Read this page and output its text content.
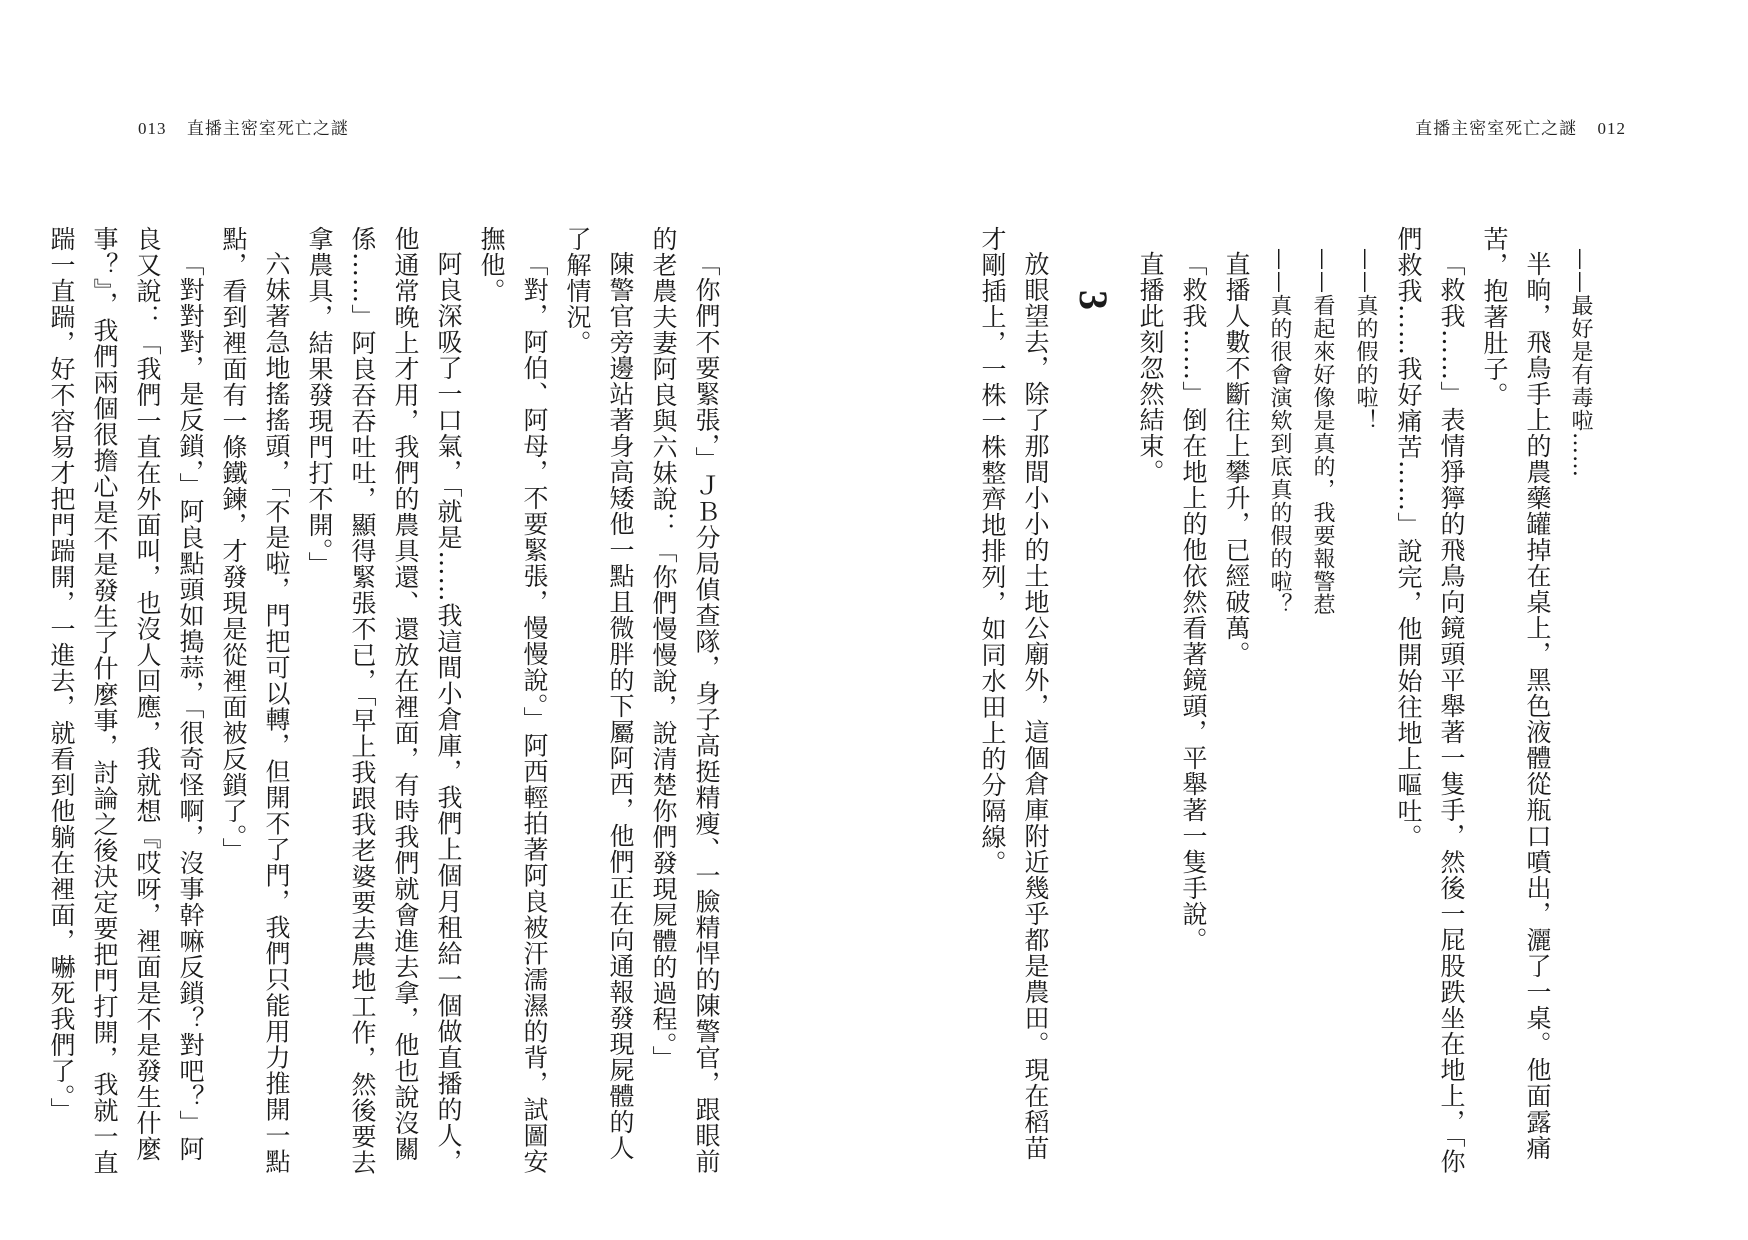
013 直播主密室死亡之謎	直播主密室死亡之謎 012

——最好是有毒啦……

半晌，飛鳥手上的農藥罐掉在桌上，黑色液體從瓶口噴出，灑了一桌。他面露痛苦，抱著肚子。

「救我……」表情猙獰的飛鳥向鏡頭平舉著一隻手，然後一屁股跌坐在地上，「你們救我……我好痛苦……」說完，他開始往地上嘔吐。

——真的假的啦！

——看起來好像是真的，我要報警惹

——真的很會演欸到底真的假的啦？

直播人數不斷往上攀升，已經破萬。

「救我……」倒在地上的他依然看著鏡頭，平舉著一隻手說。

直播此刻忽然結束。

3

放眼望去，除了那間小小的土地公廟外，這個倉庫附近幾乎都是農田。現在稻苗才剛插上，一株一株整齊地排列，如同水田上的分隔線。

「你們不要緊張，」ＪＢ分局偵查隊，身子高挺精瘦、一臉精悍的陳警官，跟眼前的老農夫妻阿良與六妹說：「你們慢慢說，說清楚你們發現屍體的過程。」

陳警官旁邊站著身高矮他一點且微胖的下屬阿西，他們正在向通報發現屍體的人了解情況。

「對，阿伯、阿母，不要緊張，慢慢說。」阿西輕拍著阿良被汗濡濕的背，試圖安撫他。

阿良深吸了一口氣，「就是……我這間小倉庫，我們上個月租給一個做直播的人，他通常晚上才用，我們的農具還、還放在裡面，有時我們就會進去拿，他也說沒關係……」阿良吞吞吐吐，顯得緊張不已，「早上我跟我老婆要去農地工作，然後要去拿農具，結果發現門打不開。」

六妹著急地搖搖頭，「不是啦，門把可以轉，但開不了門，我們只能用力推開一點點，看到裡面有一條鐵鍊，才發現是從裡面被反鎖了。」

「對對對，是反鎖，」阿良點頭如搗蒜，「很奇怪啊，沒事幹嘛反鎖？對吧？」阿良又說：「我們一直在外面叫，也沒人回應，我就想『哎呀，裡面是不是發生什麼事？』，我們兩個很擔心是不是發生了什麼事，討論之後決定要把門打開，我就一直踹一直踹，好不容易才把門踹開，一進去，就看到他躺在裡面，嚇死我們了。」
